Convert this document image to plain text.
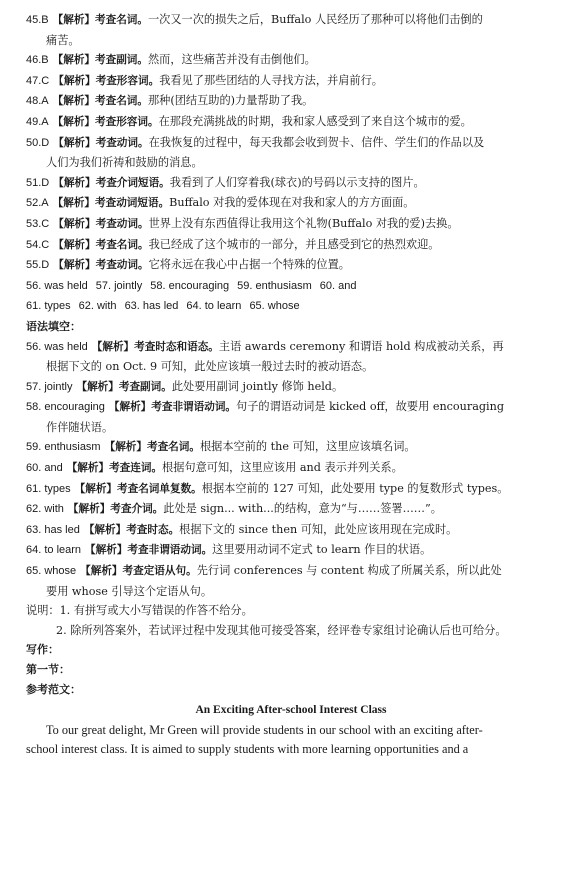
45.B 【解析】考查名词。一次又一次的损失之后，Buffalo 人民经历了那种可以将他们击倒的
痛苦。
46.B 【解析】考查副词。然而，这些痛苦并没有击倒他们。
47.C 【解析】考查形容词。我看见了那些团结的人寻找方法，并肩前行。
48.A 【解析】考查名词。那种(团结互助的)力量帮助了我。
49.A 【解析】考查形容词。在那段充满挑战的时期，我和家人感受到了来自这个城市的爱。
50.D 【解析】考查动词。在我恢复的过程中，每天我都会收到贺卡、信件、学生们的作品以及
人们为我们祈祷和鼓励的消息。
51.D 【解析】考查介词短语。我看到了人们穿着我(球衣)的号码以示支持的图片。
52.A 【解析】考查动词短语。Buffalo 对我的爱体现在对我和家人的方方面面。
53.C 【解析】考查动词。世界上没有东西值得让我用这个礼物(Buffalo 对我的爱)去换。
54.C 【解析】考查名词。我已经成了这个城市的一部分，并且感受到它的热烈欢迎。
55.D 【解析】考查动词。它将永远在我心中占据一个特殊的位置。
56. was held 57. jointly 58. encouraging 59. enthusiasm 60. and
61. types 62. with 63. has led 64. to learn 65. whose
语法填空：
56. was held 【解析】考查时态和语态。主语 awards ceremony 和谓语 hold 构成被动关系，再
根据下文的 on Oct. 9 可知，此处应该填一般过去时的被动语态。
57. jointly 【解析】考查副词。此处要用副词 jointly 修饰 held。
58. encouraging 【解析】考查非谓语动词。句子的谓语动词是 kicked off，故要用 encouraging
作伴随状语。
59. enthusiasm 【解析】考查名词。根据本空前的 the 可知，这里应该填名词。
60. and 【解析】考查连词。根据句意可知，这里应该用 and 表示并列关系。
61. types 【解析】考查名词单复数。根据本空前的 127 可知，此处要用 type 的复数形式 types。
62. with 【解析】考查介词。此处是 sign... with...的结构，意为“与……签署……”。
63. has led 【解析】考查时态。根据下文的 since then 可知，此处应该用现在完成时。
64. to learn 【解析】考查非谓语动词。这里要用动词不定式 to learn 作目的状语。
65. whose 【解析】考查定语从句。先行词 conferences 与 content 构成了所属关系，所以此处
要用 whose 引导这个定语从句。
说明：1. 有拼写或大小写错误的作答不给分。
2. 除所列答案外，若试评过程中发现其他可接受答案，经评卷专家组讨论确认后也可给分。
写作：
第一节：
参考范文：
An Exciting After-school Interest Class
To our great delight, Mr Green will provide students in our school with an exciting after-
school interest class. It is aimed to supply students with more learning opportunities and a
